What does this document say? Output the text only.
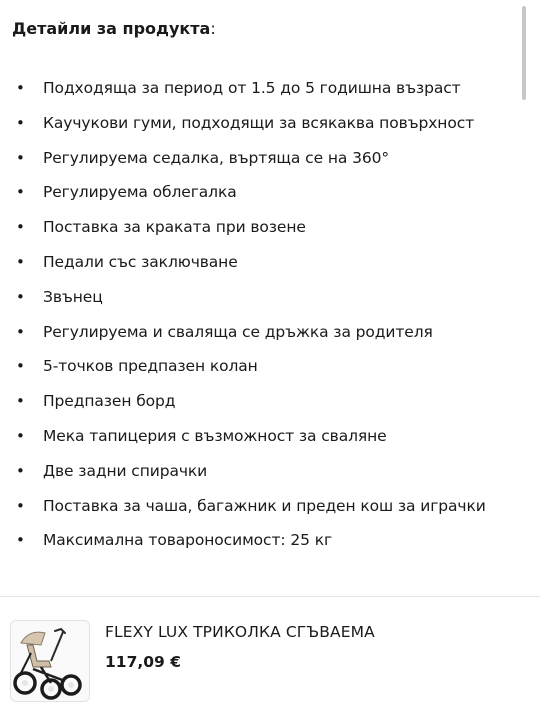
Детайли за продукта:
• Подходяща за период от 1.5 до 5 годишна възраст
• Каучукови гуми, подходящи за всякаква повърхност
• Регулируема седалка, въртяща се на 360°
• Регулируема облегалка
• Поставка за краката при возене
• Педали със заключване
• Звънец
• Регулируема и сваляща се дръжка за родителя
• 5-точков предпазен колан
• Предпазен борд
• Мека тапицерия с възможност за сваляне
• Две задни спирачки
• Поставка за чаша, багажник и преден кош за играчки
• Максимална товароносимост: 25 кг
FLEXY LUX ТРИКОЛКА СГЪВАЕМА
117,09 €
